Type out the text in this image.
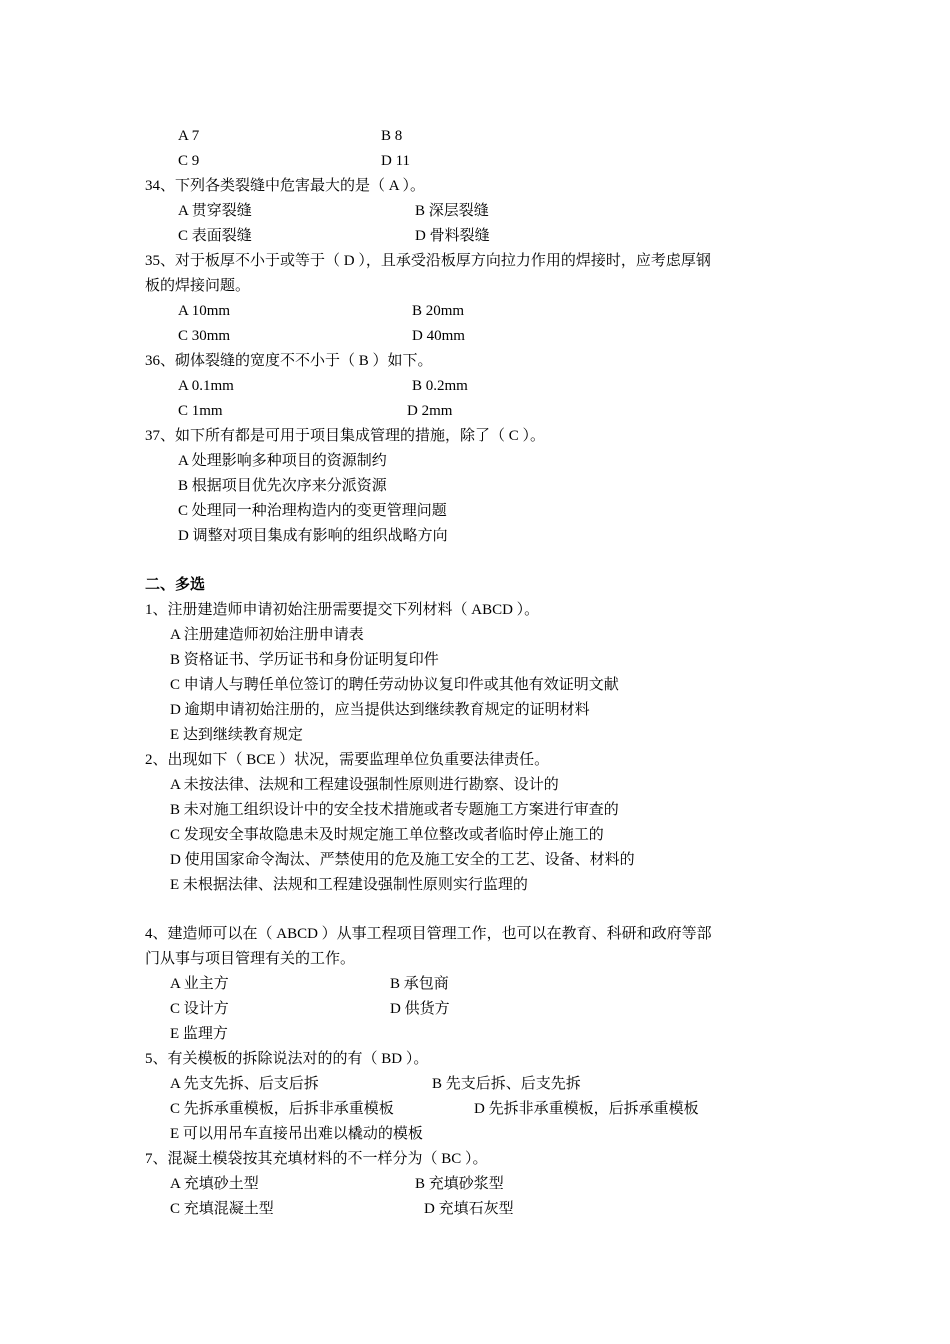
A 7	B 8
C 9	D 11
34、下列各类裂缝中危害最大的是（ A ）。
A 贯穿裂缝	B 深层裂缝
C 表面裂缝	D 骨料裂缝
35、对于板厚不小于或等于（ D ），且承受沿板厚方向拉力作用的焊接时，应考虑厚钢
板的焊接问题。
A 10mm	B 20mm
C 30mm	D 40mm
36、砌体裂缝的宽度不不小于（ B ）如下。
A 0.1mm	B 0.2mm
C 1mm	D 2mm
37、如下所有都是可用于项目集成管理的措施，除了（ C ）。
A 处理影响多种项目的资源制约
B 根据项目优先次序来分派资源
C 处理同一种治理构造内的变更管理问题
D 调整对项目集成有影响的组织战略方向
二、多选
1、注册建造师申请初始注册需要提交下列材料（ ABCD ）。
A 注册建造师初始注册申请表
B 资格证书、学历证书和身份证明复印件
C 申请人与聘任单位签订的聘任劳动协议复印件或其他有效证明文献
D 逾期申请初始注册的，应当提供达到继续教育规定的证明材料
E 达到继续教育规定
2、出现如下（ BCE ）状况，需要监理单位负重要法律责任。
A 未按法律、法规和工程建设强制性原则进行勘察、设计的
B 未对施工组织设计中的安全技术措施或者专题施工方案进行审查的
C 发现安全事故隐患未及时规定施工单位整改或者临时停止施工的
D 使用国家命令淘汰、严禁使用的危及施工安全的工艺、设备、材料的
E 未根据法律、法规和工程建设强制性原则实行监理的
4、建造师可以在（ ABCD ）从事工程项目管理工作，也可以在教育、科研和政府等部
门从事与项目管理有关的工作。
A 业主方	B 承包商
C 设计方	D 供货方
E 监理方
5、有关模板的拆除说法对的的有（ BD ）。
A 先支先拆、后支后拆	B 先支后拆、后支先拆
C 先拆承重模板，后拆非承重模板	D 先拆非承重模板，后拆承重模板
E 可以用吊车直接吊出难以橇动的模板
7、混凝土模袋按其充填材料的不一样分为（ BC ）。
A 充填砂土型	B 充填砂浆型
C 充填混凝土型	D 充填石灰型
